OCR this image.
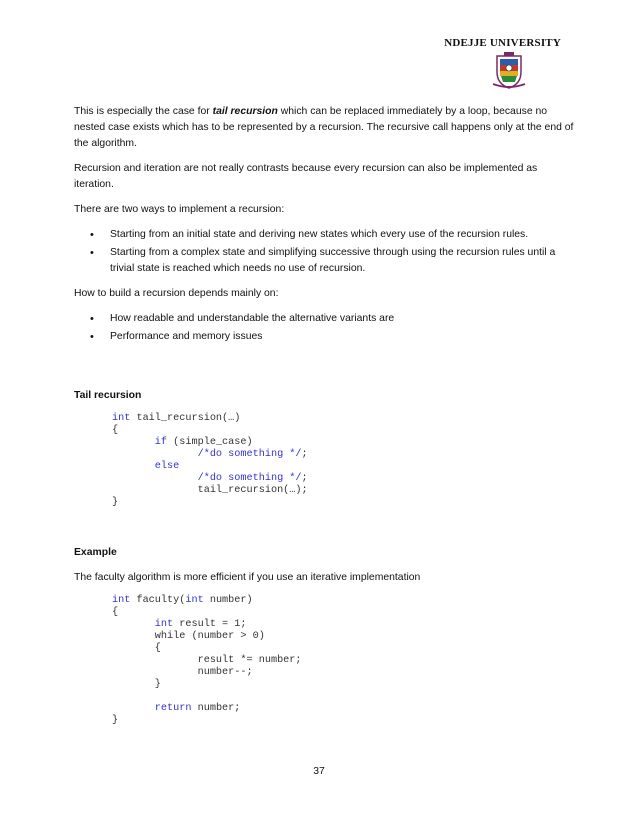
NDEJJE UNIVERSITY

This is especially the case for tail recursion which can be replaced immediately by a loop, because no nested case exists which has to be represented by a recursion. The recursive call happens only at the end of the algorithm.

Recursion and iteration are not really contrasts because every recursion can also be implemented as iteration.

There are two ways to implement a recursion:

• Starting from an initial state and deriving new states which every use of the recursion rules.
• Starting from a complex state and simplifying successive through using the recursion rules until a trivial state is reached which needs no use of recursion.

How to build a recursion depends mainly on:

• How readable and understandable the alternative variants are
• Performance and memory issues

Tail recursion

int tail_recursion(…)
{
if (simple_case)
/*do something */;
else
/*do something */;
tail_recursion(…);
}

Example

The faculty algorithm is more efficient if you use an iterative implementation

int faculty(int number)
{
int result = 1;
while (number > 0)
{
result *= number;
number--;
}

return number;
}
37
